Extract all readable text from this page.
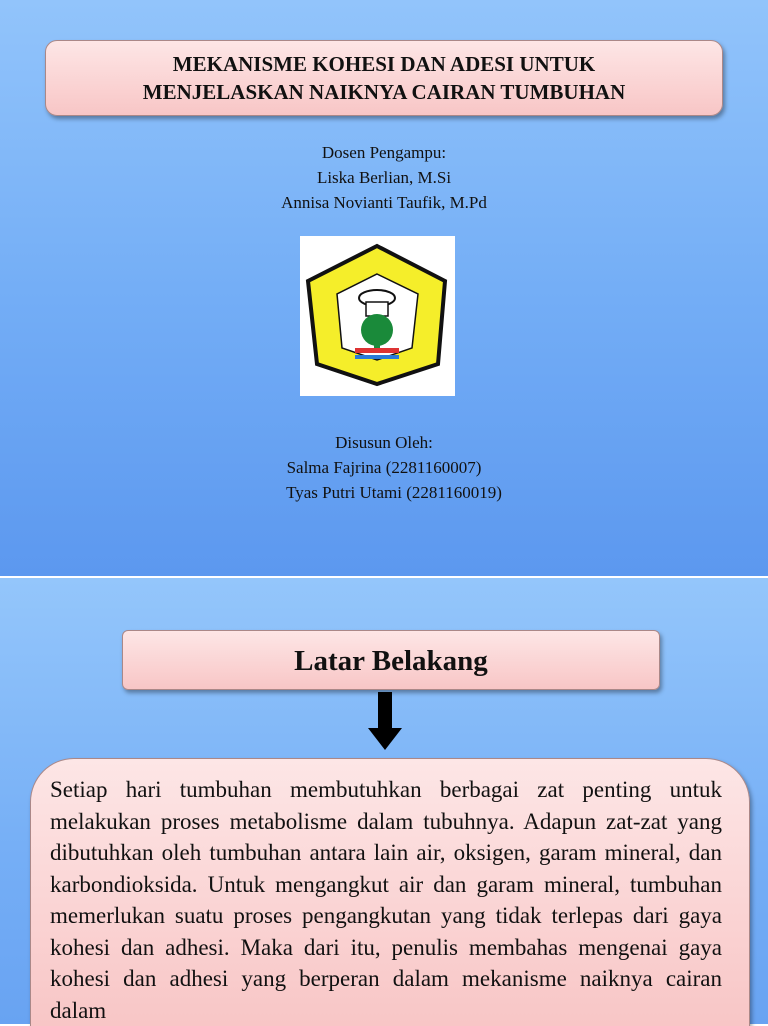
MEKANISME KOHESI DAN ADESI UNTUK
MENJELASKAN NAIKNYA CAIRAN TUMBUHAN
Dosen Pengampu:
Liska Berlian, M.Si
Annisa Novianti Taufik, M.Pd
Disusun Oleh:
Salma Fajrina (2281160007)
Tyas Putri Utami (2281160019)
Latar Belakang

Setiap hari tumbuhan membutuhkan berbagai zat penting untuk melakukan proses metabolisme dalam tubuhnya. Adapun zat-zat yang dibutuhkan oleh tumbuhan antara lain air, oksigen, garam mineral, dan karbondioksida. Untuk mengangkut air dan garam mineral, tumbuhan memerlukan suatu proses pengangkutan yang tidak terlepas dari gaya kohesi dan adhesi. Maka dari itu, penulis membahas mengenai gaya kohesi dan adhesi yang berperan dalam mekanisme naiknya cairan dalam
